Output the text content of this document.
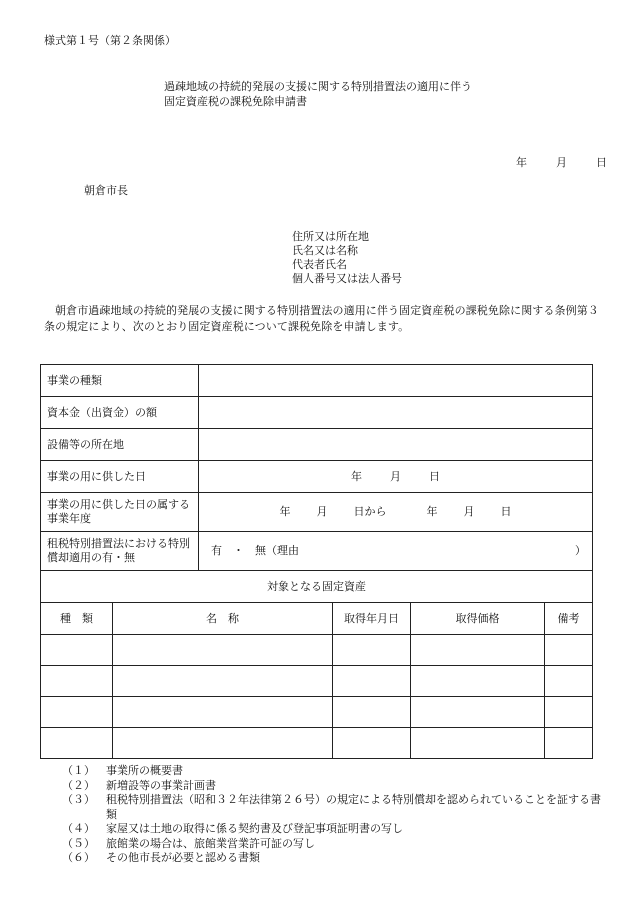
様式第１号（第２条関係）
過疎地域の持続的発展の支援に関する特別措置法の適用に伴う
固定資産税の課税免除申請書
年	月	日
朝倉市長
住所又は所在地
氏名又は名称
代表者氏名
個人番号又は法人番号
朝倉市過疎地域の持続的発展の支援に関する特別措置法の適用に伴う固定資産税の課税免除に関する条例第３条の規定により、次のとおり固定資産税について課税免除を申請します。
事業の種類					
資本金（出資金）の額					
設備等の所在地					
事業の用に供した日		年 月 日			
事業の用に供した日の属する事業年度		年 月 日から 年 月 日			
租税特別措置法における特別償却適用の有・無		有　・　無（理由 ）			

対象となる固定資産					
種　類	名　称		取得年月日	取得価格	備考

（１） 事業所の概要書
（２） 新増設等の事業計画書
（３） 租税特別措置法（昭和３２年法律第２６号）の規定による特別償却を認められていることを証する書類
（４） 家屋又は土地の取得に係る契約書及び登記事項証明書の写し
（５） 旅館業の場合は、旅館業営業許可証の写し
（６） その他市長が必要と認める書類
